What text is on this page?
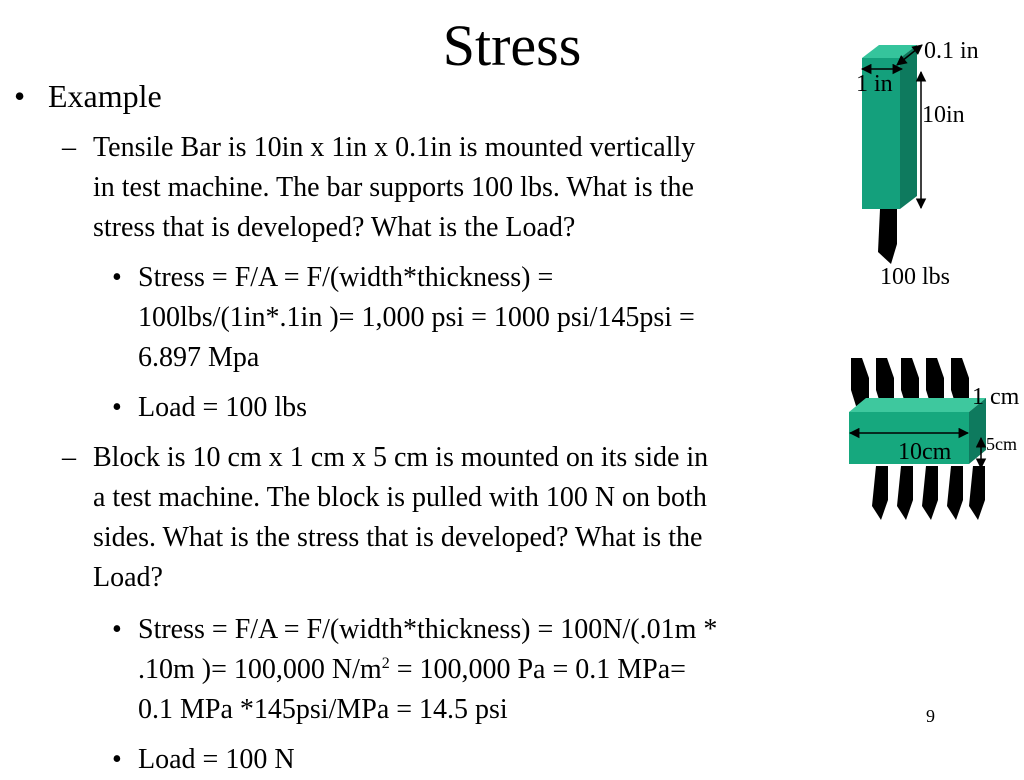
Stress
• Example
– Tensile Bar is 10in x 1in x 0.1in is mounted vertically
in test machine. The bar supports 100 lbs. What is the
stress that is developed? What is the Load?
• Stress = F/A = F/(width*thickness) =
100lbs/(1in*.1in )= 1,000 psi = 1000 psi/145psi =
6.897 Mpa
• Load = 100 lbs
– Block is 10 cm x 1 cm x 5 cm is mounted on its side in
a test machine. The block is pulled with 100 N on both
sides. What is the stress that is developed? What is the
Load?
• Stress = F/A = F/(width*thickness) = 100N/(.01m *
.10m )= 100,000 $N/m^2 = 100,000$ Pa = 0.1 MPa=
0.1 MPa *145psi/MPa = 14.5 psi
• Load = 100 N
9
0.1 in
1 in
10in
100 lbs
1 cm
10cm 5cm
